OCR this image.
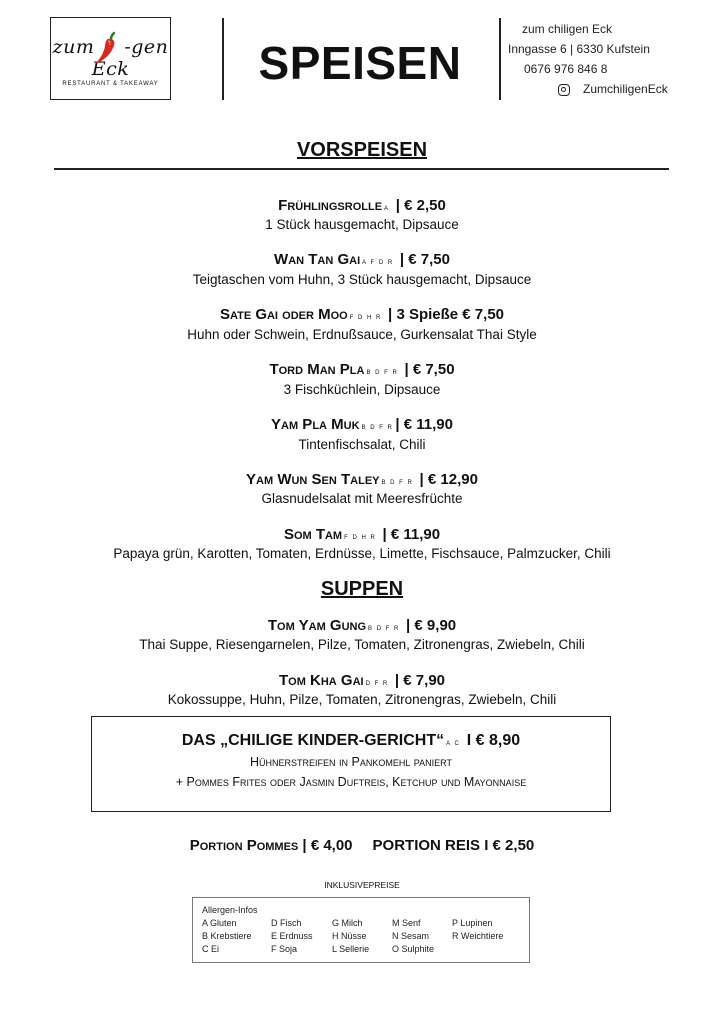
zum -gen Eck
RESTAURANT & TAKEAWAY	SPEISEN
zum chiligen Eck
Inngasse 6 | 6330 Kufstein
0676 976 846 8
ZumchiligenEck
VORSPEISEN
Frühlingsrolle A | € 2,50
1 Stück hausgemacht, Dipsauce
Wan Tan Gai A F D R | € 7,50
Teigtaschen vom Huhn, 3 Stück hausgemacht, Dipsauce
Sate Gai oder Moo F D H R | 3 Spieße € 7,50
Huhn oder Schwein, Erdnußsauce, Gurkensalat Thai Style
Tord Man Pla B D F R | € 7,50
3 Fischküchlein, Dipsauce
Yam Pla Muk B D F R | € 11,90
Tintenfischsalat, Chili
Yam Wun Sen Taley B D F R | € 12,90
Glasnudelsalat mit Meeresfrüchte
Som Tam F D H R | € 11,90
Papaya grün, Karotten, Tomaten, Erdnüsse, Limette, Fischsauce, Palmzucker, Chili
SUPPEN
Tom Yam Gung B D F R | € 9,90
Thai Suppe, Riesengarnelen, Pilze, Tomaten, Zitronengras, Zwiebeln, Chili
Tom Kha Gai D F R | € 7,90
Kokossuppe, Huhn, Pilze, Tomaten, Zitronengras, Zwiebeln, Chili
DAS „CHILIGE KINDER-GERICHT“ A C I € 8,90
Hühnerstreifen in Pankomehl paniert
+ Pommes Frites oder Jasmin Duftreis, Ketchup und Mayonnaise
Portion Pommes | € 4,00 PORTION REIS I € 2,50
INKLUSIVEPREISE
Allergen-Infos
A Gluten
B Krebstiere
C Ei
D Fisch
E Erdnuss
F Soja
G Milch
H Nüsse
L Sellerie
M Senf
N Sesam
O Sulphite
P Lupinen
R Weichtiere
